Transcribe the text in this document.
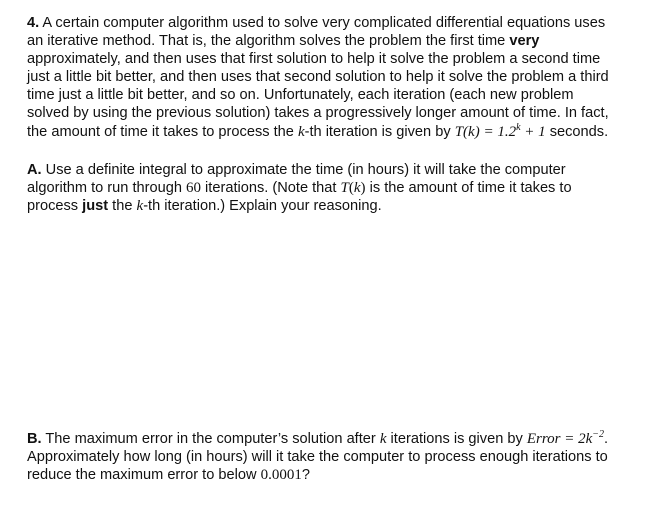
4. A certain computer algorithm used to solve very complicated differential equations uses
an iterative method. That is, the algorithm solves the problem the first time very
approximately, and then uses that first solution to help it solve the problem a second time
just a little bit better, and then uses that second solution to help it solve the problem a third
time just a little bit better, and so on. Unfortunately, each iteration (each new problem
solved by using the previous solution) takes a progressively longer amount of time. In fact,
the amount of time it takes to process the k-th iteration is given by $T(k) = 1.2^k + 1$ seconds.
A. Use a definite integral to approximate the time (in hours) it will take the computer
algorithm to run through 60 iterations. (Note that T(k) is the amount of time it takes to
process just the k-th iteration.) Explain your reasoning.
B. The maximum error in the computer’s solution after k iterations is given by Error = $2k^{-2}$.
Approximately how long (in hours) will it take the computer to process enough iterations to
reduce the maximum error to below 0.0001?
